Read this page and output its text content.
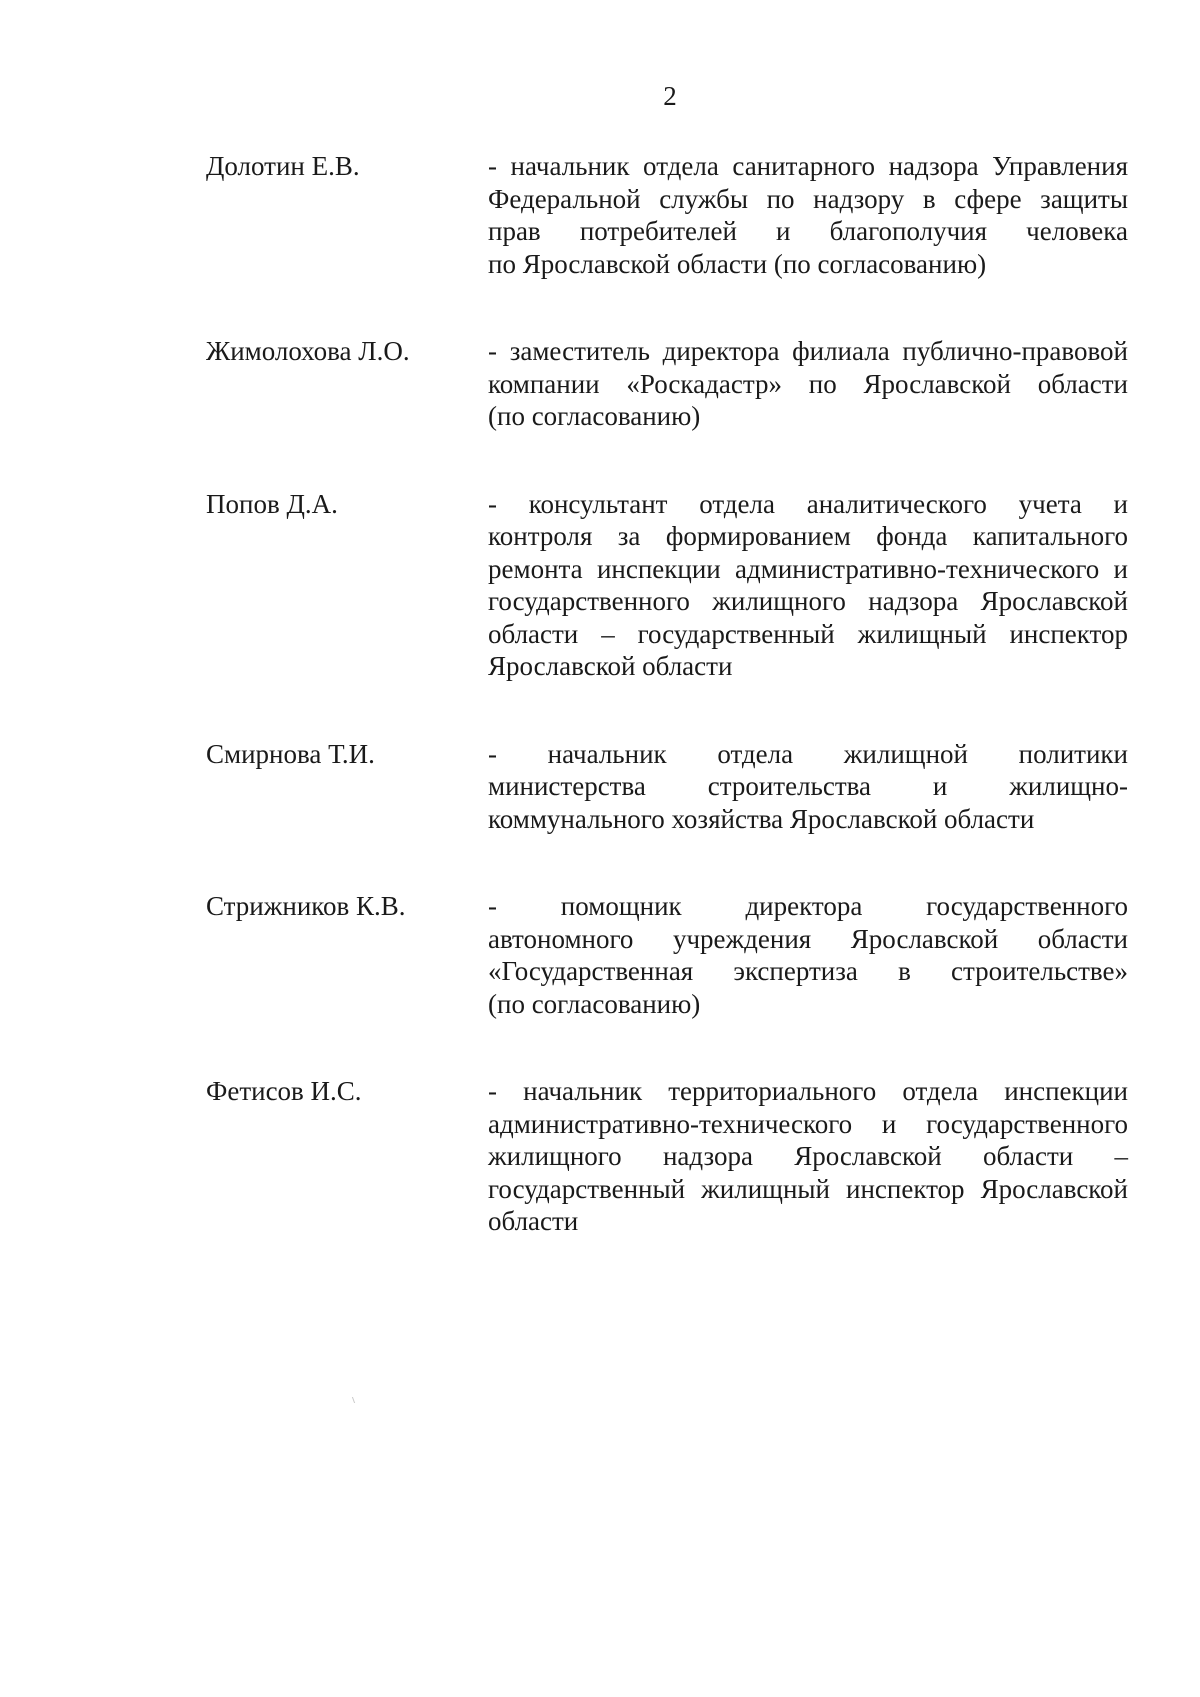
2
Долотин Е.В.	- начальник отдела санитарного надзора Управления
Федеральной службы по надзору в сфере защиты
прав потребителей и благополучия человека
по Ярославской области (по согласованию)
Жимолохова Л.О.	- заместитель директора филиала публично-правовой
компании «Роскадастр» по Ярославской области
(по согласованию)
Попов Д.А.	- консультант отдела аналитического учета и
контроля за формированием фонда капитального
ремонта инспекции административно-технического и
государственного жилищного надзора Ярославской
области – государственный жилищный инспектор
Ярославской области
Смирнова Т.И.	- начальник отдела жилищной политики
министерства строительства и жилищно-
коммунального хозяйства Ярославской области
Стрижников К.В.	- помощник директора государственного
автономного учреждения Ярославской области
«Государственная экспертиза в строительстве»
(по согласованию)
Фетисов И.С.	- начальник территориального отдела инспекции
административно-технического и государственного
жилищного надзора Ярославской области –
государственный жилищный инспектор Ярославской
области
